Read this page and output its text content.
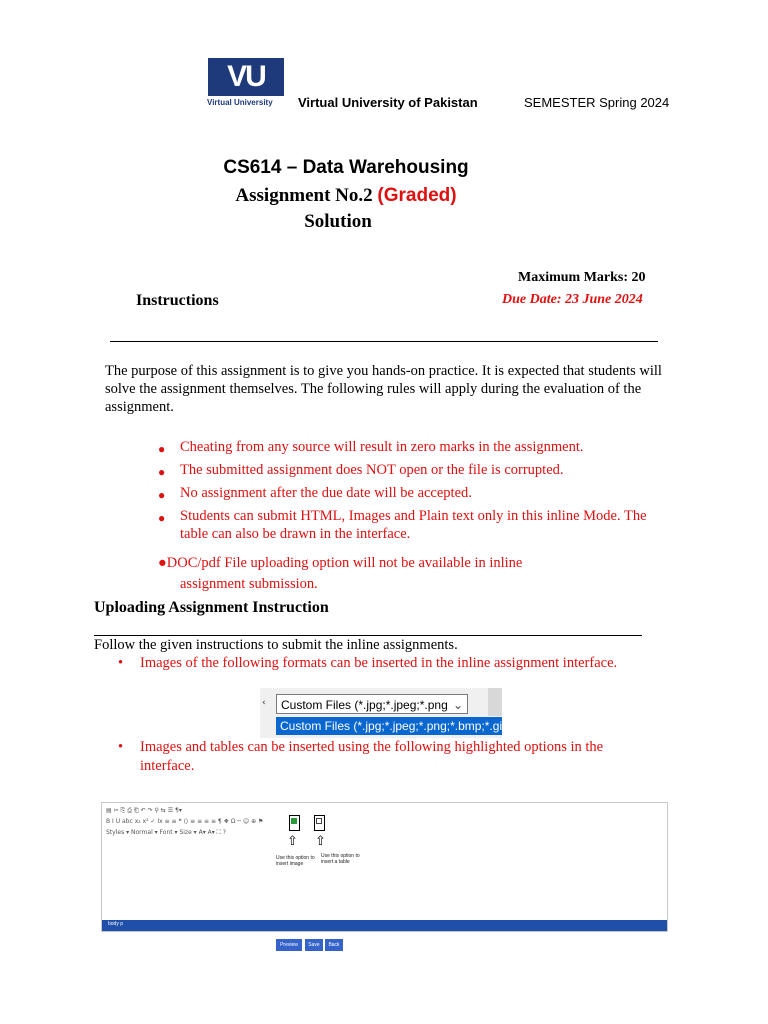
VU
Virtual University	Virtual University of Pakistan	SEMESTER Spring 2024
CS614 – Data Warehousing
Assignment No.2 (Graded)
Solution
Maximum Marks: 20
Instructions	Due Date: 23 June 2024
The purpose of this assignment is to give you hands-on practice. It is expected that students will solve the assignment themselves. The following rules will apply during the evaluation of the assignment.
● Cheating from any source will result in zero marks in the assignment.
● The submitted assignment does NOT open or the file is corrupted.
● No assignment after the due date will be accepted.
● Students can submit HTML, Images and Plain text only in this inline Mode. The table can also be drawn in the interface.
●DOC/pdf File uploading option will not be available in inline
assignment submission.
Uploading Assignment Instruction
Follow the given instructions to submit the inline assignments.
• Images of the following formats can be inserted in the inline assignment interface.
‹	Custom Files (*.jpg;*.jpeg;*.png ⌄
Custom Files (*.jpg;*.jpeg;*.png;*.bmp;*.gif)
• Images and tables can be inserted using the following highlighted options in the interface.
▤ ✂ ⎘ ⎙ ⎗ ↶ ↷ ⚲ ⇆ ☰ ¶▾
B I U abc x₂ x² ✓ Ix ≡ ≡ ❝ ⟨⟩ ≡ ≡ ≡ ≡ ¶ ❖ Ω ─ ☺ ⊕ ⚑
Styles ▾ Normal ▾ Font ▾ Size ▾ A▾ A▾ ⛶ ?
⇧ ⇧
Use this option to insert image
Use this option to insert a table
body p
Preview	Save	Back
